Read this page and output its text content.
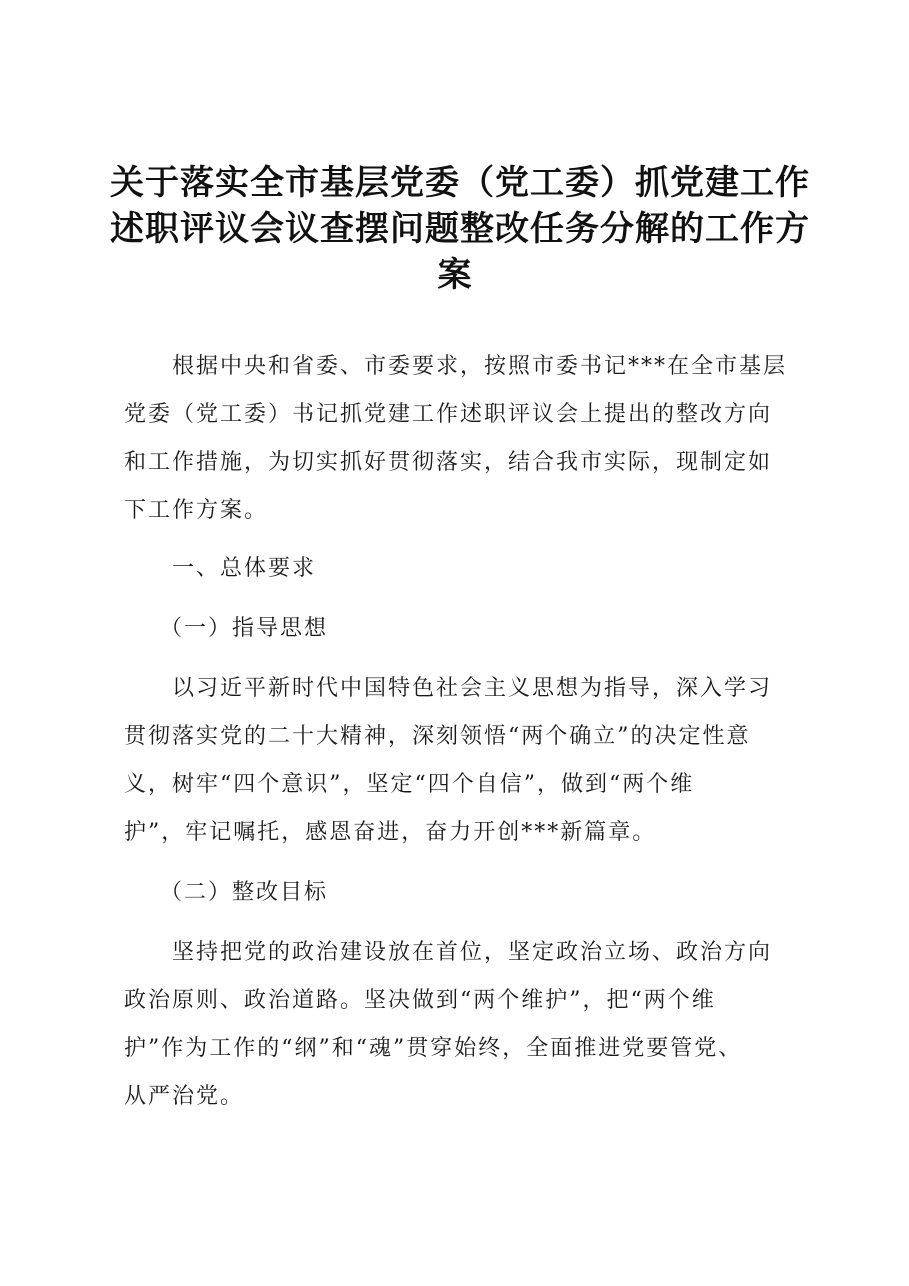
关于落实全市基层党委（党工委）抓党建工作
述职评议会议查摆问题整改任务分解的工作方
案
根据中央和省委、市委要求，按照市委书记***在全市基层
党委（党工委）书记抓党建工作述职评议会上提出的整改方向
和工作措施，为切实抓好贯彻落实，结合我市实际，现制定如
下工作方案。
一、总体要求
（一）指导思想
以习近平新时代中国特色社会主义思想为指导，深入学习
贯彻落实党的二十大精神，深刻领悟“两个确立”的决定性意
义，树牢“四个意识”，坚定“四个自信”，做到“两个维
护”，牢记嘱托，感恩奋进，奋力开创***新篇章。
（二）整改目标
坚持把党的政治建设放在首位，坚定政治立场、政治方向
政治原则、政治道路。坚决做到“两个维护”，把“两个维
护”作为工作的“纲”和“魂”贯穿始终，全面推进党要管党、
从严治党。
